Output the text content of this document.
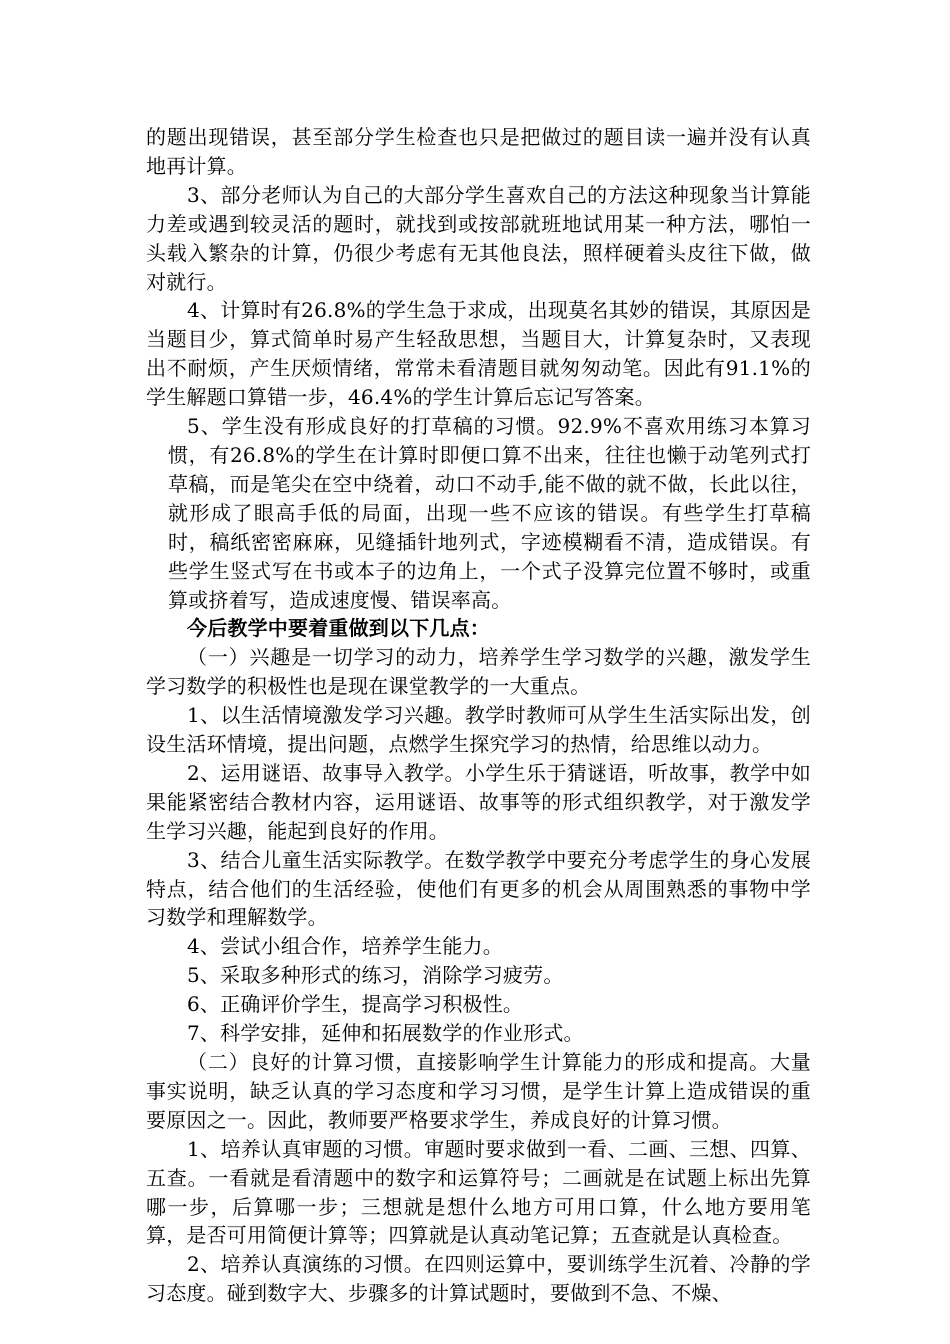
的题出现错误，甚至部分学生检查也只是把做过的题目读一遍并没有认真地再计算。

3、部分老师认为自己的大部分学生喜欢自己的方法这种现象当计算能力差或遇到较灵活的题时，就找到或按部就班地试用某一种方法，哪怕一头载入繁杂的计算，仍很少考虑有无其他良法，照样硬着头皮往下做，做对就行。

4、计算时有26.8%的学生急于求成，出现莫名其妙的错误，其原因是当题目少，算式简单时易产生轻敌思想，当题目大，计算复杂时，又表现出不耐烦，产生厌烦情绪，常常未看清题目就匆匆动笔。因此有91.1%的学生解题口算错一步，46.4%的学生计算后忘记写答案。

5、学生没有形成良好的打草稿的习惯。92.9%不喜欢用练习本算习惯，有26.8%的学生在计算时即便口算不出来，往往也懒于动笔列式打草稿，而是笔尖在空中绕着，动口不动手,能不做的就不做，长此以往，就形成了眼高手低的局面，出现一些不应该的错误。有些学生打草稿时，稿纸密密麻麻，见缝插针地列式，字迹模糊看不清，造成错误。有些学生竖式写在书或本子的边角上，一个式子没算完位置不够时，或重算或挤着写，造成速度慢、错误率高。

今后教学中要着重做到以下几点：

（一）兴趣是一切学习的动力，培养学生学习数学的兴趣，激发学生学习数学的积极性也是现在课堂教学的一大重点。

1、以生活情境激发学习兴趣。教学时教师可从学生生活实际出发，创设生活环情境，提出问题，点燃学生探究学习的热情，给思维以动力。

2、运用谜语、故事导入教学。小学生乐于猜谜语，听故事，教学中如果能紧密结合教材内容，运用谜语、故事等的形式组织教学，对于激发学生学习兴趣，能起到良好的作用。

3、结合儿童生活实际教学。在数学教学中要充分考虑学生的身心发展特点，结合他们的生活经验，使他们有更多的机会从周围熟悉的事物中学习数学和理解数学。

4、尝试小组合作，培养学生能力。

5、采取多种形式的练习，消除学习疲劳。

6、正确评价学生，提高学习积极性。

7、科学安排，延伸和拓展数学的作业形式。

（二）良好的计算习惯，直接影响学生计算能力的形成和提高。大量事实说明，缺乏认真的学习态度和学习习惯，是学生计算上造成错误的重要原因之一。因此，教师要严格要求学生，养成良好的计算习惯。

1、培养认真审题的习惯。审题时要求做到一看、二画、三想、四算、五查。一看就是看清题中的数字和运算符号；二画就是在试题上标出先算哪一步，后算哪一步；三想就是想什么地方可用口算，什么地方要用笔算，是否可用简便计算等；四算就是认真动笔记算；五查就是认真检查。

2、培养认真演练的习惯。在四则运算中，要训练学生沉着、冷静的学习态度。碰到数字大、步骤多的计算试题时，要做到不急、不燥、
